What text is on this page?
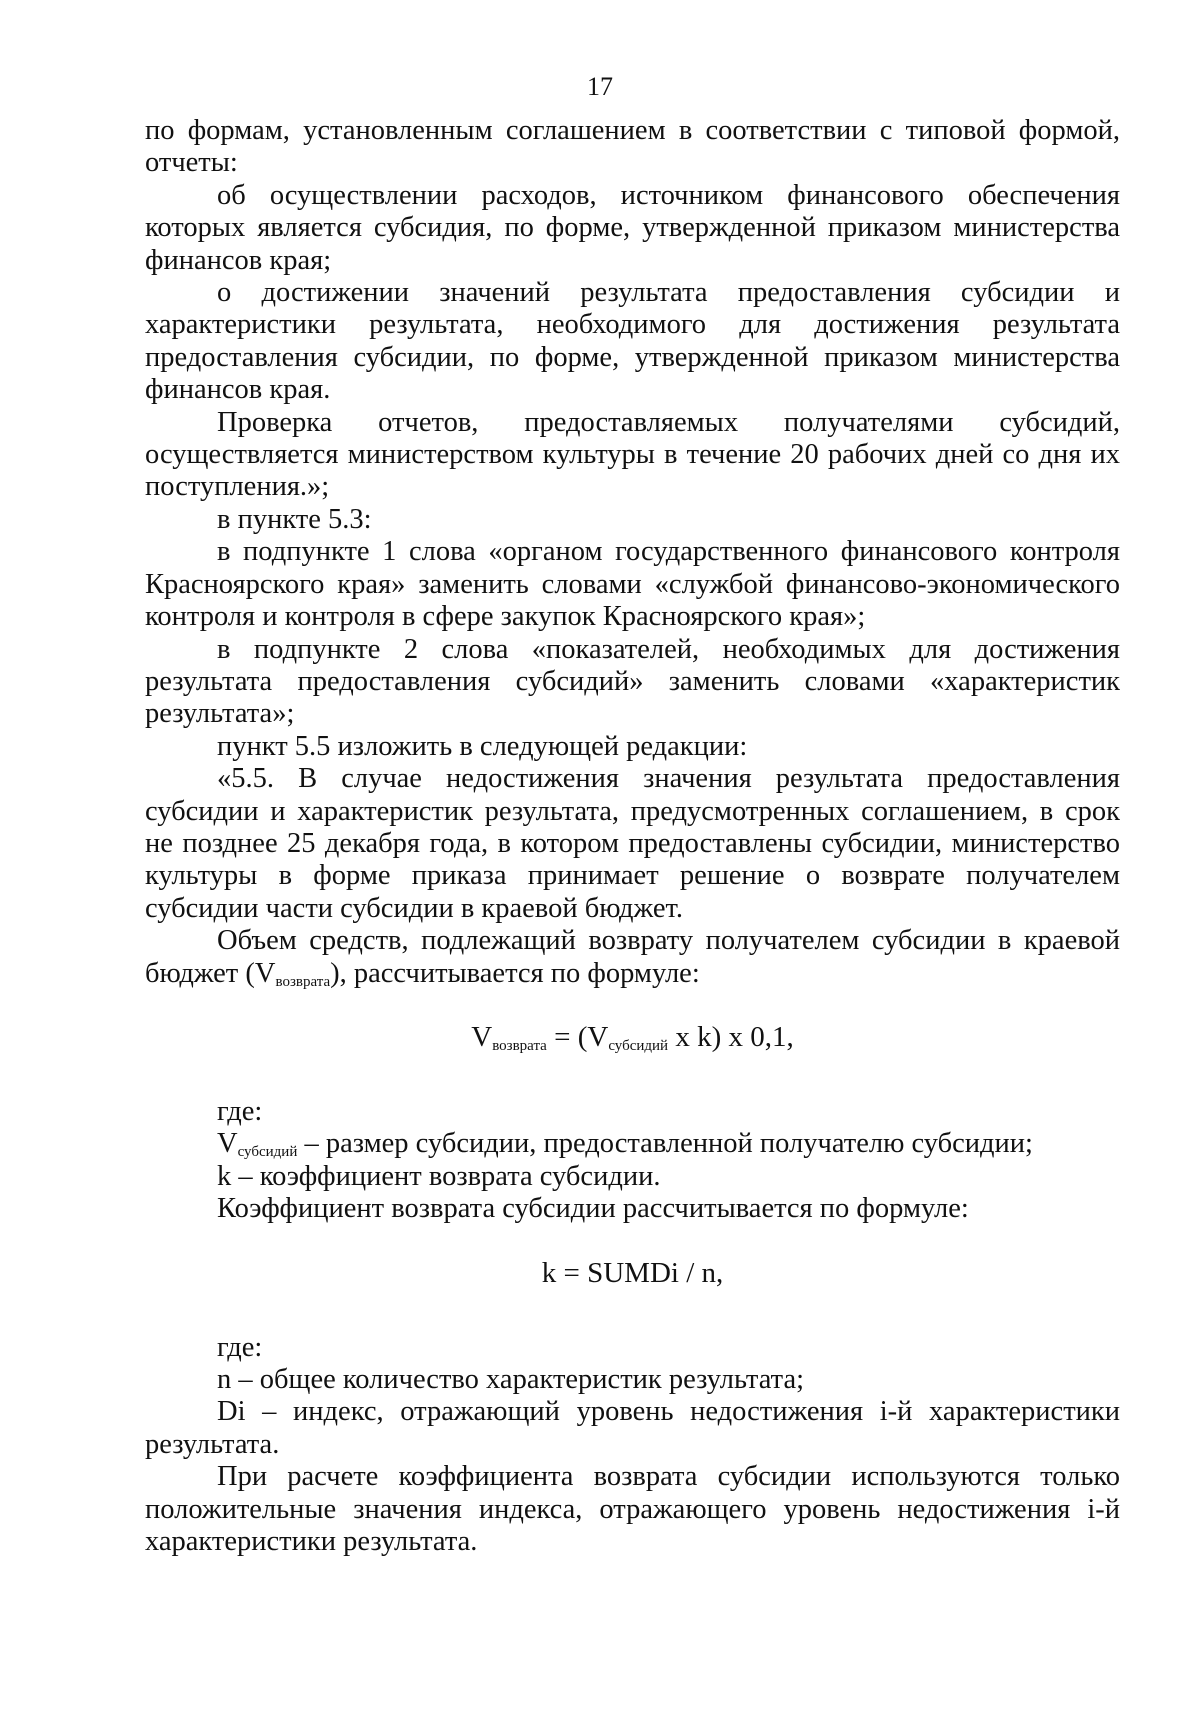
17

по формам, установленным соглашением в соответствии с типовой формой, отчеты:

об осуществлении расходов, источником финансового обеспечения которых является субсидия, по форме, утвержденной приказом министерства финансов края;

о достижении значений результата предоставления субсидии и характеристики результата, необходимого для достижения результата предоставления субсидии, по форме, утвержденной приказом министерства финансов края.

Проверка отчетов, предоставляемых получателями субсидий, осуществляется министерством культуры в течение 20 рабочих дней со дня их поступления.»;

в пункте 5.3:

в подпункте 1 слова «органом государственного финансового контроля Красноярского края» заменить словами «службой финансово-экономического контроля и контроля в сфере закупок Красноярского края»;

в подпункте 2 слова «показателей, необходимых для достижения результата предоставления субсидий» заменить словами «характеристик результата»;

пункт 5.5 изложить в следующей редакции:

«5.5. В случае недостижения значения результата предоставления субсидии и характеристик результата, предусмотренных соглашением, в срок не позднее 25 декабря года, в котором предоставлены субсидии, министерство культуры в форме приказа принимает решение о возврате получателем субсидии части субсидии в краевой бюджет.

Объем средств, подлежащий возврату получателем субсидии в краевой бюджет $(V_{возврата})$, рассчитывается по формуле:

$V_{возврата} = (V_{субсидий}$ x k) x 0,1,

где:

$V_{субсидий}$ – размер субсидии, предоставленной получателю субсидии;

k – коэффициент возврата субсидии.

Коэффициент возврата субсидии рассчитывается по формуле:

k = SUMDi / n,

где:

n – общее количество характеристик результата;

Di – индекс, отражающий уровень недостижения i-й характеристики результата.

При расчете коэффициента возврата субсидии используются только положительные значения индекса, отражающего уровень недостижения i-й характеристики результата.
